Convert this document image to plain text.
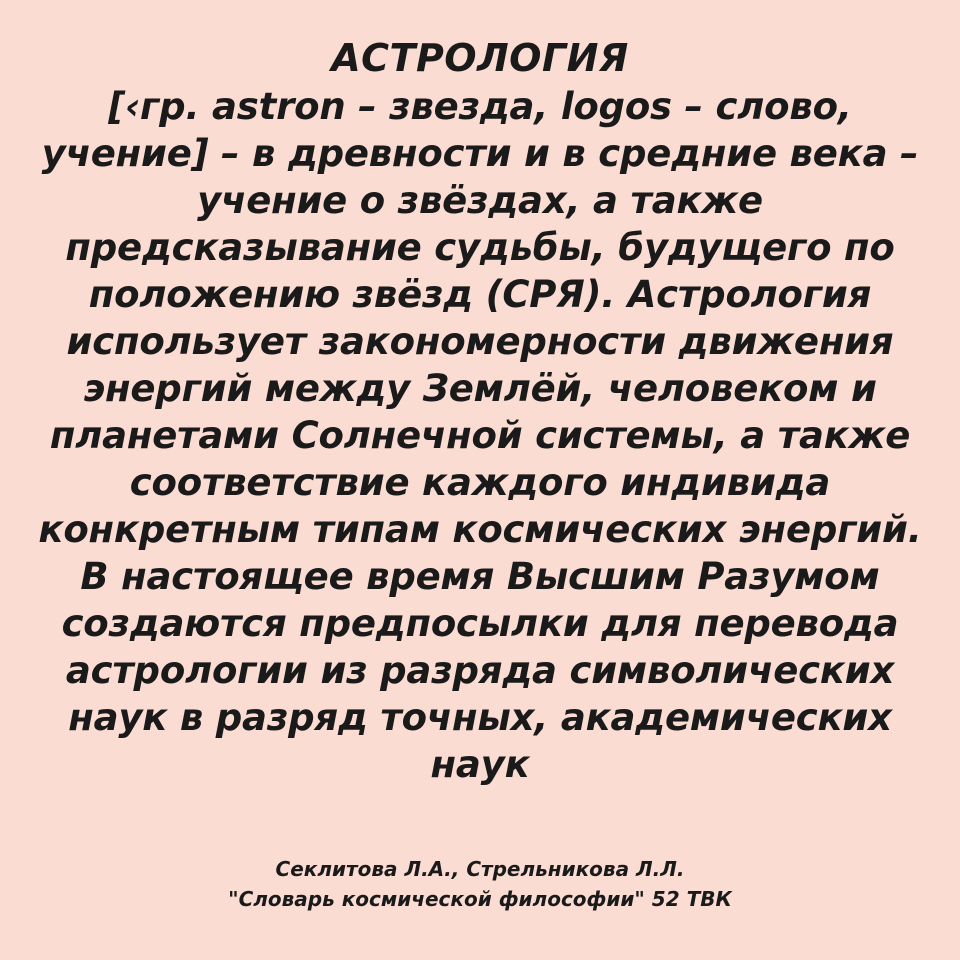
АСТРОЛОГИЯ
[‹гр. astron – звезда, logos – слово, учение] – в древности и в средние века – учение о звёздах, а также предсказывание судьбы, будущего по положению звёзд (СРЯ). Астрология использует закономерности движения энергий между Землёй, человеком и планетами Солнечной системы, а также соответствие каждого индивида конкретным типам космических энергий. В настоящее время Высшим Разумом создаются предпосылки для перевода астрологии из разряда символических наук в разряд точных, академических наук
Секлитова Л.А., Стрельникова Л.Л.
"Словарь космической философии" 52 ТВК
